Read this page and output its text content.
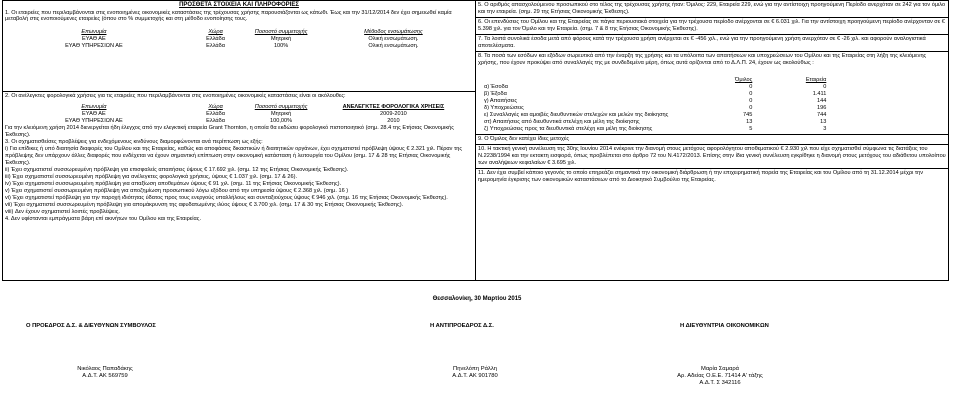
ΠΡΟΣΘΕΤΑ ΣΤΟΙΧΕΙΑ ΚΑΙ ΠΛΗΡΟΦΟΡΙΕΣ

1. Οι εταιρείες που περιλαμβάνονται στις ενοποιημένες οικονομικές καταστάσεις της τρέχουσας χρήσης παρουσιάζονται ως κάτωθι. Έως και την 31/12/2014 δεν έχει σημειωθεί καμία μεταβολή στις ενοποιούμενες εταιρείες (όπου στο % συμμετοχής και στη μέθοδο ενοποίησης τους.

Επωνυμία	Χώρα	Ποσοστό συμμετοχής	Μέθοδος ενσωμάτωσης
ΕΥΑΘ ΑΕ	Ελλάδα	Μητρική	Ολική ενσωμάτωση.
ΕΥΑΘ ΥΠΗΡΕΣΙΩΝ ΑΕ	Ελλάδα	100%	Ολική ενσωμάτωση.

2. Οι ανέλεγκτες φορολογικά χρήσεις για τις εταιρείες που περιλαμβάνονται στις ενοποιημένες οικονομικές καταστάσεις είναι οι ακόλουθες:

Επωνυμία	Χώρα	Ποσοστό συμμετοχής	ΑΝΕΛΕΓΚΤΕΣ ΦΟΡΟΛΟΓΙΚΑ ΧΡΗΣΕΙΣ
ΕΥΑΘ ΑΕ	Ελλάδα	Μητρική	2009-2010
ΕΥΑΘ ΥΠΗΡΕΣΙΩΝ ΑΕ	Ελλάδα	100,00%	2010

Για την κλειόμενη χρήση 2014 διενεργείται ήδη έλεγχος από την ελεγκτική εταιρεία Grant Thornton, η οποία θα εκδώσει φορολογικό πιστοποιητικό (σημ. 28.4 της Ετήσιας Οικονομικής Έκθεσης).

3. Οι σχηματισθείσες προβλέψεις για ενδεχόμενους κινδύνους διαμορφώνονται ανά περίπτωση ως εξής:

i) Για επίδικες ή υπό διαιτησία διαφορές του Ομίλου και της Εταιρείας, καθώς και αποφάσεις δικαστικών ή διαιτητικών οργάνων, έχει σχηματιστεί πρόβλεψη ύψους € 2.321 χιλ. Πέραν της πρόβλεψης δεν υπάρχουν άλλες διαφορές που ενδέχεται να έχουν σημαντική επίπτωση στην οικονομική κατάσταση ή λειτουργία του Ομίλου (σημ. 17 & 28 της Ετήσιας Οικονομικής Έκθεσης).

ii) Έχει σχηματιστεί συσσωρευμένη πρόβλεψη για επισφαλείς απαιτήσεις ύψους € 17.692 χιλ. (σημ. 12 της Ετήσιας Οικονομικής Έκθεσης).

iii) Έχει σχηματιστεί συσσωρευμένη πρόβλεψη για ανέλεγκτες φορολογικά χρήσεις, ύψους € 1.037 χιλ. (σημ. 17 & 26).

iv) Έχει σχηματιστεί συσσωρευμένη πρόβλεψη για απαξίωση αποθεμάτων ύψους € 91 χιλ. (σημ. 11 της Ετήσιας Οικονομικής Έκθεσης).

v) Έχει σχηματιστεί συσσωρευμένη πρόβλεψη για αποζημίωση προσωπικού λόγω εξόδου από την υπηρεσία ύψους € 2.368 χιλ. (σημ. 16 )

vi) Έχει σχηματιστεί πρόβλεψη για την παροχή ιδιότητας ύδατος προς τους ενεργούς υπαλλήλους και συνταξιούχους ύψους € 946 χιλ. (σημ. 16 της Ετήσιας Οικονομικής Έκθεσης).

vii) Έχει σχηματιστεί συσσωρευμένη πρόβλεψη για απομάκρυνση της αφυδατωμένης ιλύος ύψους € 3.700 χιλ. (σημ. 17 & 30 της Ετήσιας Οικονομικής Έκθεσης).

viii) Δεν έχουν σχηματιστεί λοιπές προβλέψεις.

4. Δεν υφίστανται εμπράγματα βάρη επί ακινήτων του Ομίλου και της Εταιρείας.

5. Ο αριθμός απασχολούμενου προσωπικού στο τέλος της τρέχουσας χρήσης ήταν: Όμιλος: 229, Εταιρεία 229, ενώ για την αντίστοιχη προηγούμενη Περίοδο ανερχόταν σε 242 για τον όμιλο και την εταιρεία. (σημ. 29 της Ετήσιας Οικονομικής Έκθεσης).

6. Οι επενδύσεις του Ομίλου και της Εταιρείας σε πάγια περιουσιακά στοιχεία για την τρέχουσα περίοδο ανέρχονται σε € 6.031 χιλ. Για την αντίστοιχη προηγούμενη περίοδο ανέρχονταν σε € 5.398 χιλ. για τον Όμιλο και την Εταιρεία. (σημ. 7 & 8 της Ετήσιας Οικονομικής Έκθεσης).

7. Τα λοιπά συνολικά έσοδα μετά από φόρους κατά την τρέχουσα χρήση ανέρχεται σε € -456 χιλ., ενώ για την προηγούμενη χρήση ανερχόταν σε € -26 χιλ. και αφορούν αναλογιστικά αποτελέσματα.

8. Τα ποσά των εσόδων και εξόδων σωρευτικά από την έναρξη της χρήσης και τα υπόλοιπα των απαιτήσεων και υποχρεώσεων του Ομίλου και της Εταιρείας στη λήξη της κλειόμενης χρήσης, που έχουν προκύψει από συναλλαγές της με συνδεδεμένα μέρη, όπως αυτά ορίζονται από το Δ.Λ.Π. 24, έχουν ως ακολούθως :

	Όμιλος	Εταιρεία
α) Έσοδα	0	0
β) Έξοδα	0	1.411
γ) Απαιτήσεις	0	144
δ) Υποχρεώσεις	0	196
ε) Συναλλαγές και αμοιβές διευθυντικών στελεχών και μελών της διοίκησης	745	744
στ) Απαιτήσεις από διευθυντικά στελέχη και μέλη της διοίκησης	13	13
ζ) Υποχρεώσεις προς τα διευθυντικά στελέχη και μέλη της διοίκησης	5	3

9. Ο Όμιλος δεν κατέχει ίδιες μετοχές

10. Η τακτική γενική συνέλευση της 30ης Ιουνίου 2014 ενέκρινε την διανομή στους μετόχους αφορολόγητου αποθεματικού € 2.930 χιλ που είχε σχηματισθεί σύμφωνα τις διατάξεις του Ν.2238/1994 και την εκτακτη εισφορά, όπως προβλέπεται στο άρθρο 72 του Ν.4172/2013. Επίσης στην ίδια γενική συνέλευση εγκρίθηκε η διανομή στους μετόχους του αδιάθετου υπολοίπου των αναλήψεων κεφαλαίων € 3.695 χιλ.

11. Δεν έχει συμβεί κάποιο γεγονός το οποίο επηρεάζει σημαντικά την οικονομική διάρθρωση ή την επιχειρηματική πορεία της Εταιρείας και του Ομίλου από τη 31.12.2014 μέχρι την ημερομηνία έγκρισης των οικονομικών καταστάσεων από το Διοικητικό Συμβούλιο της Εταιρείας.

Θεσσαλονίκη, 30 Μαρτίου 2015
Ο ΠΡΟΕΔΡΟΣ Δ.Σ. & ΔΙΕΥΘΥΝΩΝ ΣΥΜΒΟΥΛΟΣ	Η ΑΝΤΙΠΡΟΕΔΡΟΣ Δ.Σ.	Η ΔΙΕΥΘΥΝΤΡΙΑ ΟΙΚΟΝΟΜΙΚΩΝ
Νικόλαος Παπαδάκης
Α.Δ.Τ. ΑΚ 569759
Πηνελόπη Ράλλη
Α.Δ.Τ. ΑΚ 901780
Μαρία Σαμαρά
Αρ. Αδείας Ο.Ε.Ε. 71414 Α' τάξης
Α.Δ.Τ. Σ 342116
